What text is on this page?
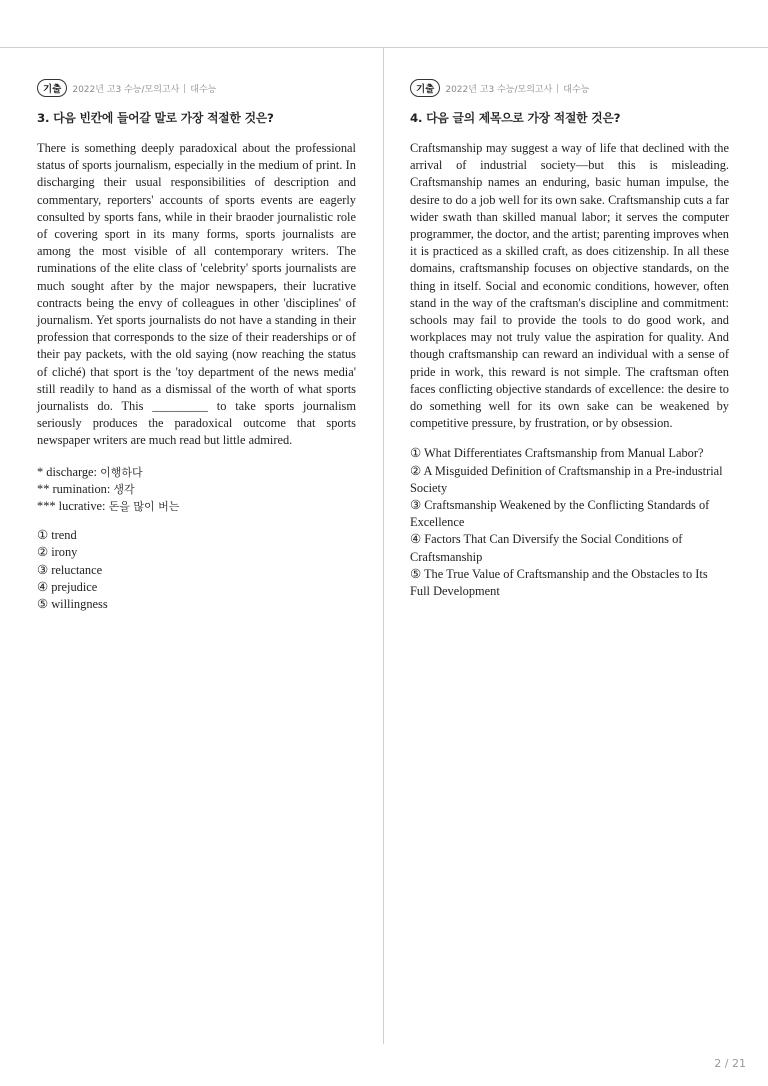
기출	2022년 고3 수능/모의고사 대수능
3. 다음 빈칸에 들어갈 말로 가장 적절한 것은?

There is something deeply paradoxical about the professional status of sports journalism, especially in the medium of print. In discharging their usual responsibilities of description and commentary, reporters' accounts of sports events are eagerly consulted by sports fans, while in their braoder journalistic role of covering sport in its many forms, sports journalists are among the most visible of all contemporary writers. The ruminations of the elite class of 'celebrity' sports journalists are much sought after by the major newspapers, their lucrative contracts being the envy of colleagues in other 'disciplines' of journalism. Yet sports journalists do not have a standing in their profession that corresponds to the size of their readerships or of their pay packets, with the old saying (now reaching the status of cliché) that sport is the 'toy department of the news media' still readily to hand as a dismissal of the worth of what sports journalists do. This _________ to take sports journalism seriously produces the paradoxical outcome that sports newspaper writers are much read but little admired.

* discharge: 이행하다
** rumination: 생각
*** lucrative: 돈을 많이 버는
① trend
② irony
③ reluctance
④ prejudice
⑤ willingness
기출	2022년 고3 수능/모의고사 대수능
4. 다음 글의 제목으로 가장 적절한 것은?

Craftsmanship may suggest a way of life that declined with the arrival of industrial society—but this is misleading. Craftsmanship names an enduring, basic human impulse, the desire to do a job well for its own sake. Craftsmanship cuts a far wider swath than skilled manual labor; it serves the computer programmer, the doctor, and the artist; parenting improves when it is practiced as a skilled craft, as does citizenship. In all these domains, craftsmanship focuses on objective standards, on the thing in itself. Social and economic conditions, however, often stand in the way of the craftsman's discipline and commitment: schools may fail to provide the tools to do good work, and workplaces may not truly value the aspiration for quality. And though craftsmanship can reward an individual with a sense of pride in work, this reward is not simple. The craftsman often faces conflicting objective standards of excellence: the desire to do something well for its own sake can be weakened by competitive pressure, by frustration, or by obsession.

① What Differentiates Craftsmanship from Manual Labor?
② A Misguided Definition of Craftsmanship in a Pre-industrial Society
③ Craftsmanship Weakened by the Conflicting Standards of Excellence
④ Factors That Can Diversify the Social Conditions of Craftsmanship
⑤ The True Value of Craftsmanship and the Obstacles to Its Full Development
2 / 21
